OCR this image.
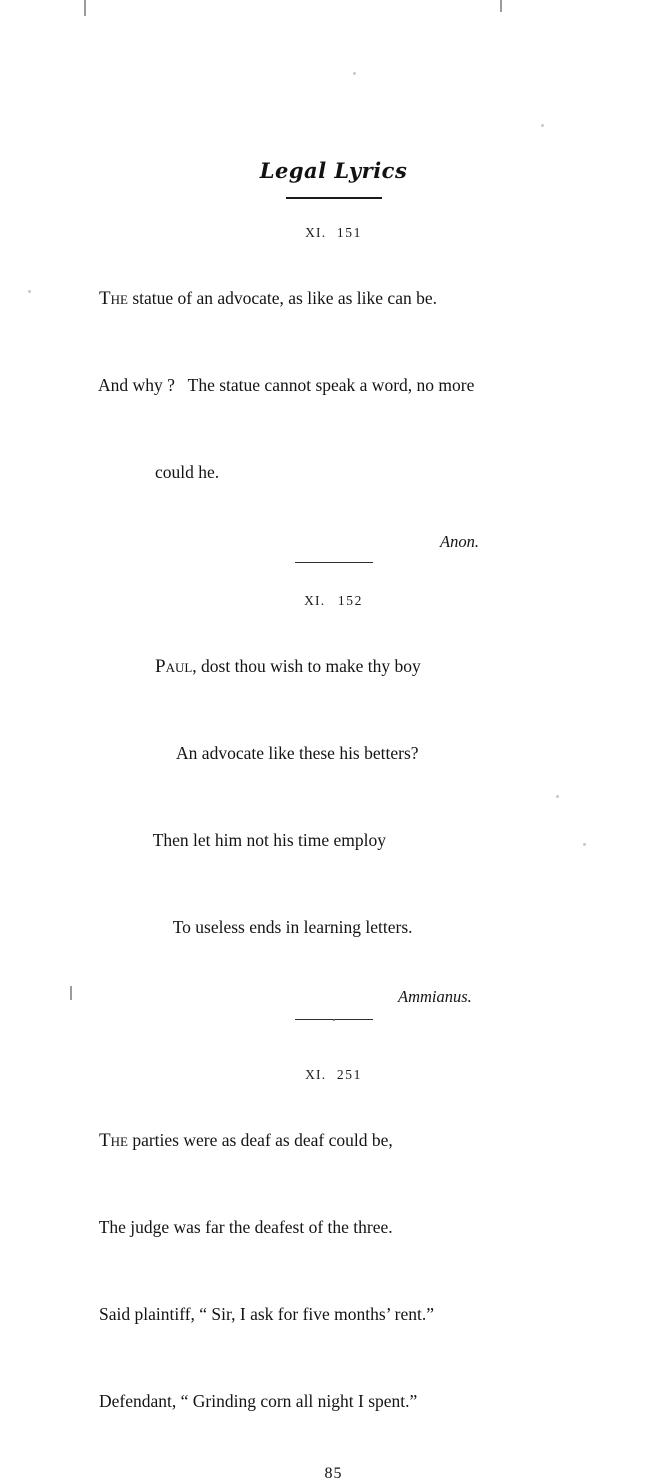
Legal Lyrics
XI. 151

The statue of an advocate, as like as like can be.

And why ?   The statue cannot speak a word, no more

could he.

Anon.
XI. 152

Paul, dost thou wish to make thy boy

An advocate like these his betters?

Then let him not his time employ

To useless ends in learning letters.

Ammianus.
XI. 251

The parties were as deaf as deaf could be,

The judge was far the deafest of the three.

Said plaintiff, “ Sir, I ask for five months’ rent.”

Defendant, “ Grinding corn all night I spent.”

85
